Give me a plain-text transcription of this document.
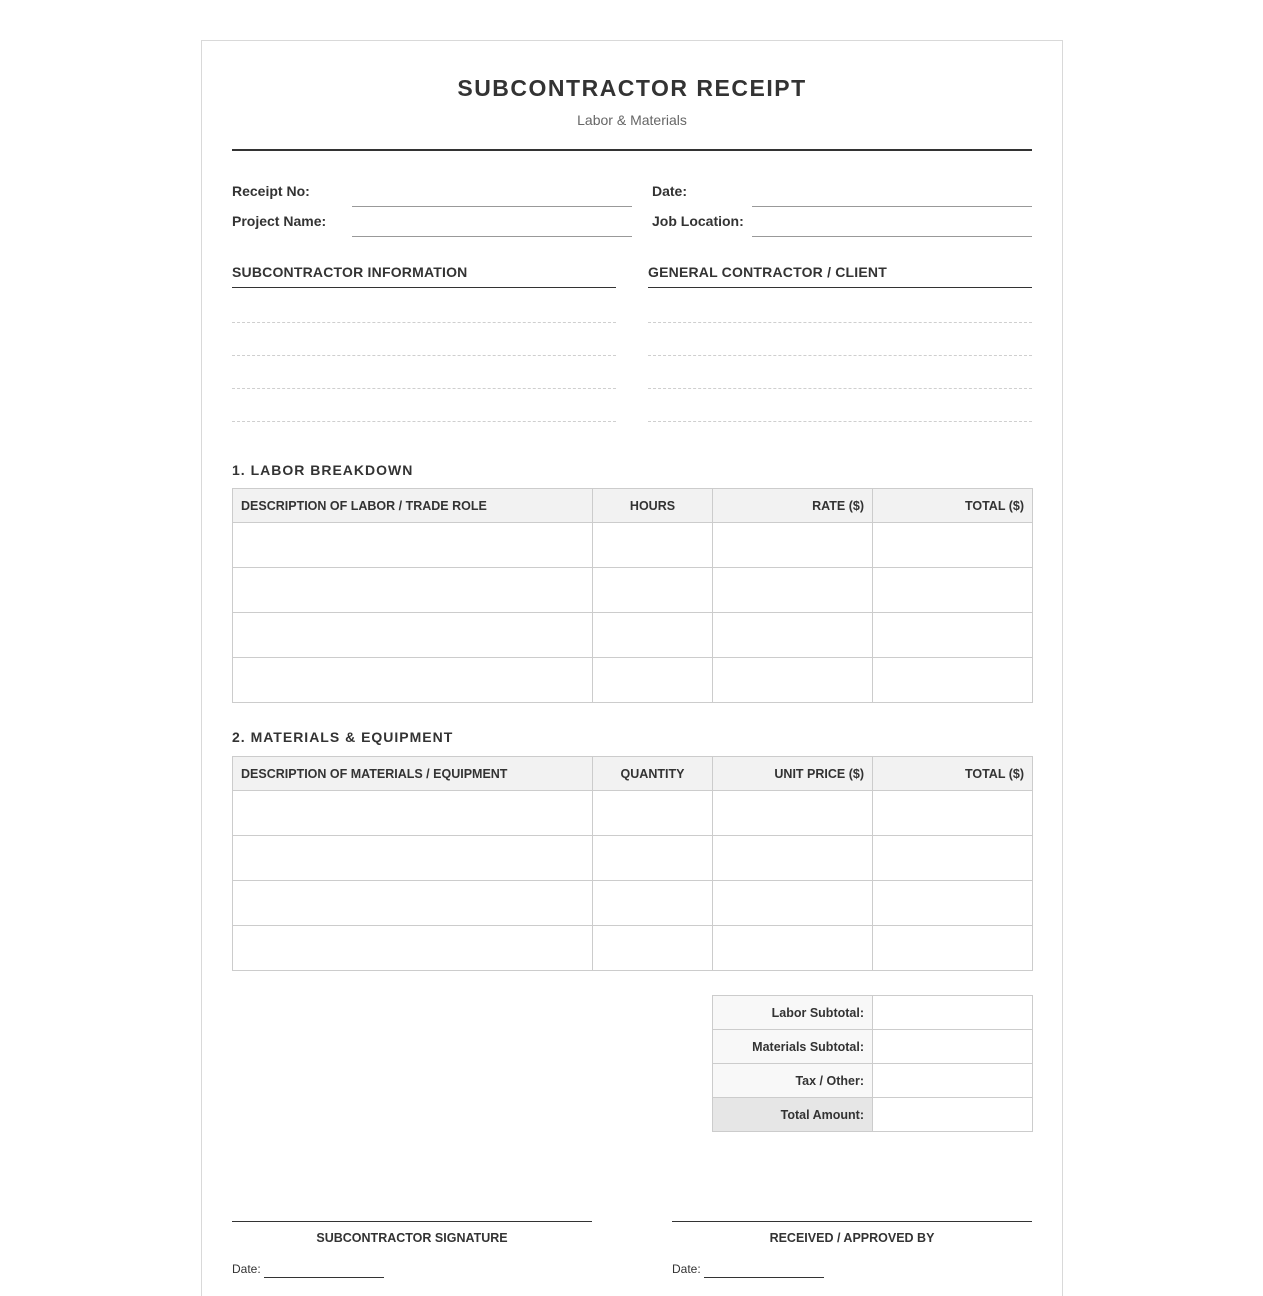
SUBCONTRACTOR RECEIPT
Labor & Materials
Receipt No:	Date:
Project Name:	Job Location:
SUBCONTRACTOR INFORMATION	GENERAL CONTRACTOR / CLIENT
1. LABOR BREAKDOWN
DESCRIPTION OF LABOR / TRADE ROLE	HOURS	RATE ($)	TOTAL ($)

2. MATERIALS & EQUIPMENT
DESCRIPTION OF MATERIALS / EQUIPMENT	QUANTITY	UNIT PRICE ($)	TOTAL ($)

Labor Subtotal:	
Materials Subtotal:	
Tax / Other:	
Total Amount:	
SUBCONTRACTOR SIGNATURE
Date:
RECEIVED / APPROVED BY
Date:
